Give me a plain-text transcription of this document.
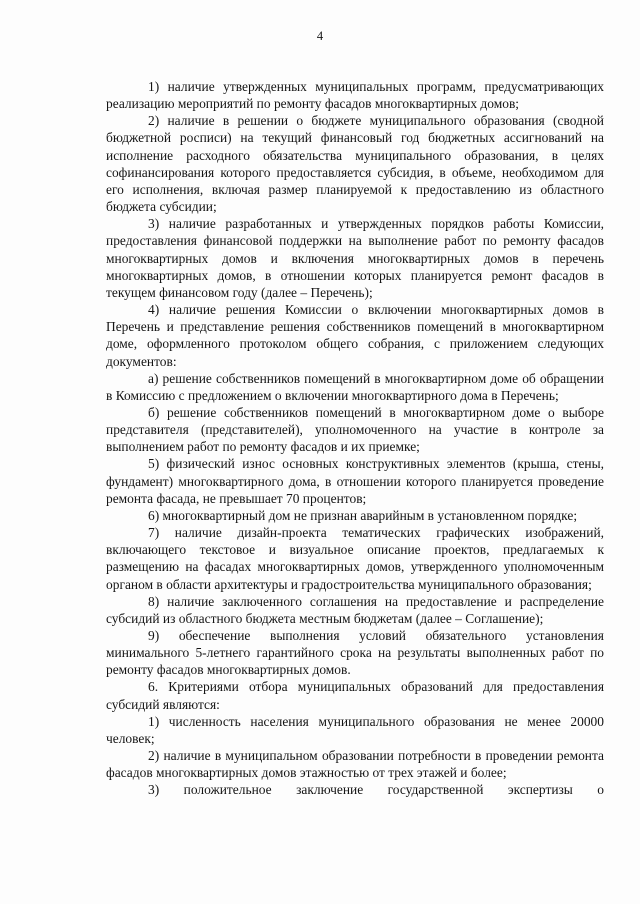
4

1) наличие утвержденных муниципальных программ, предусматривающих реализацию мероприятий по ремонту фасадов многоквартирных домов;

2) наличие в решении о бюджете муниципального образования (сводной бюджетной росписи) на текущий финансовый год бюджетных ассигнований на исполнение расходного обязательства муниципального образования, в целях софинансирования которого предоставляется субсидия, в объеме, необходимом для его исполнения, включая размер планируемой к предоставлению из областного бюджета субсидии;

3) наличие разработанных и утвержденных порядков работы Комиссии, предоставления финансовой поддержки на выполнение работ по ремонту фасадов многоквартирных домов и включения многоквартирных домов в перечень многоквартирных домов, в отношении которых планируется ремонт фасадов в текущем финансовом году (далее – Перечень);

4) наличие решения Комиссии о включении многоквартирных домов в Перечень и представление решения собственников помещений в многоквартирном доме, оформленного протоколом общего собрания, с приложением следующих документов:

а) решение собственников помещений в многоквартирном доме об обращении в Комиссию с предложением о включении многоквартирного дома в Перечень;

б) решение собственников помещений в многоквартирном доме о выборе представителя (представителей), уполномоченного на участие в контроле за выполнением работ по ремонту фасадов и их приемке;

5) физический износ основных конструктивных элементов (крыша, стены, фундамент) многоквартирного дома, в отношении которого планируется проведение ремонта фасада, не превышает 70 процентов;

6) многоквартирный дом не признан аварийным в установленном порядке;

7) наличие дизайн-проекта тематических графических изображений, включающего текстовое и визуальное описание проектов, предлагаемых к размещению на фасадах многоквартирных домов, утвержденного уполномоченным органом в области архитектуры и градостроительства муниципального образования;

8) наличие заключенного соглашения на предоставление и распределение субсидий из областного бюджета местным бюджетам (далее – Соглашение);

9) обеспечение выполнения условий обязательного установления минимального 5-летнего гарантийного срока на результаты выполненных работ по ремонту фасадов многоквартирных домов.

6. Критериями отбора муниципальных образований для предоставления субсидий являются:

1) численность населения муниципального образования не менее 20000 человек;

2) наличие в муниципальном образовании потребности в проведении ремонта фасадов многоквартирных домов этажностью от трех этажей и более;

3) положительное заключение государственной экспертизы о
